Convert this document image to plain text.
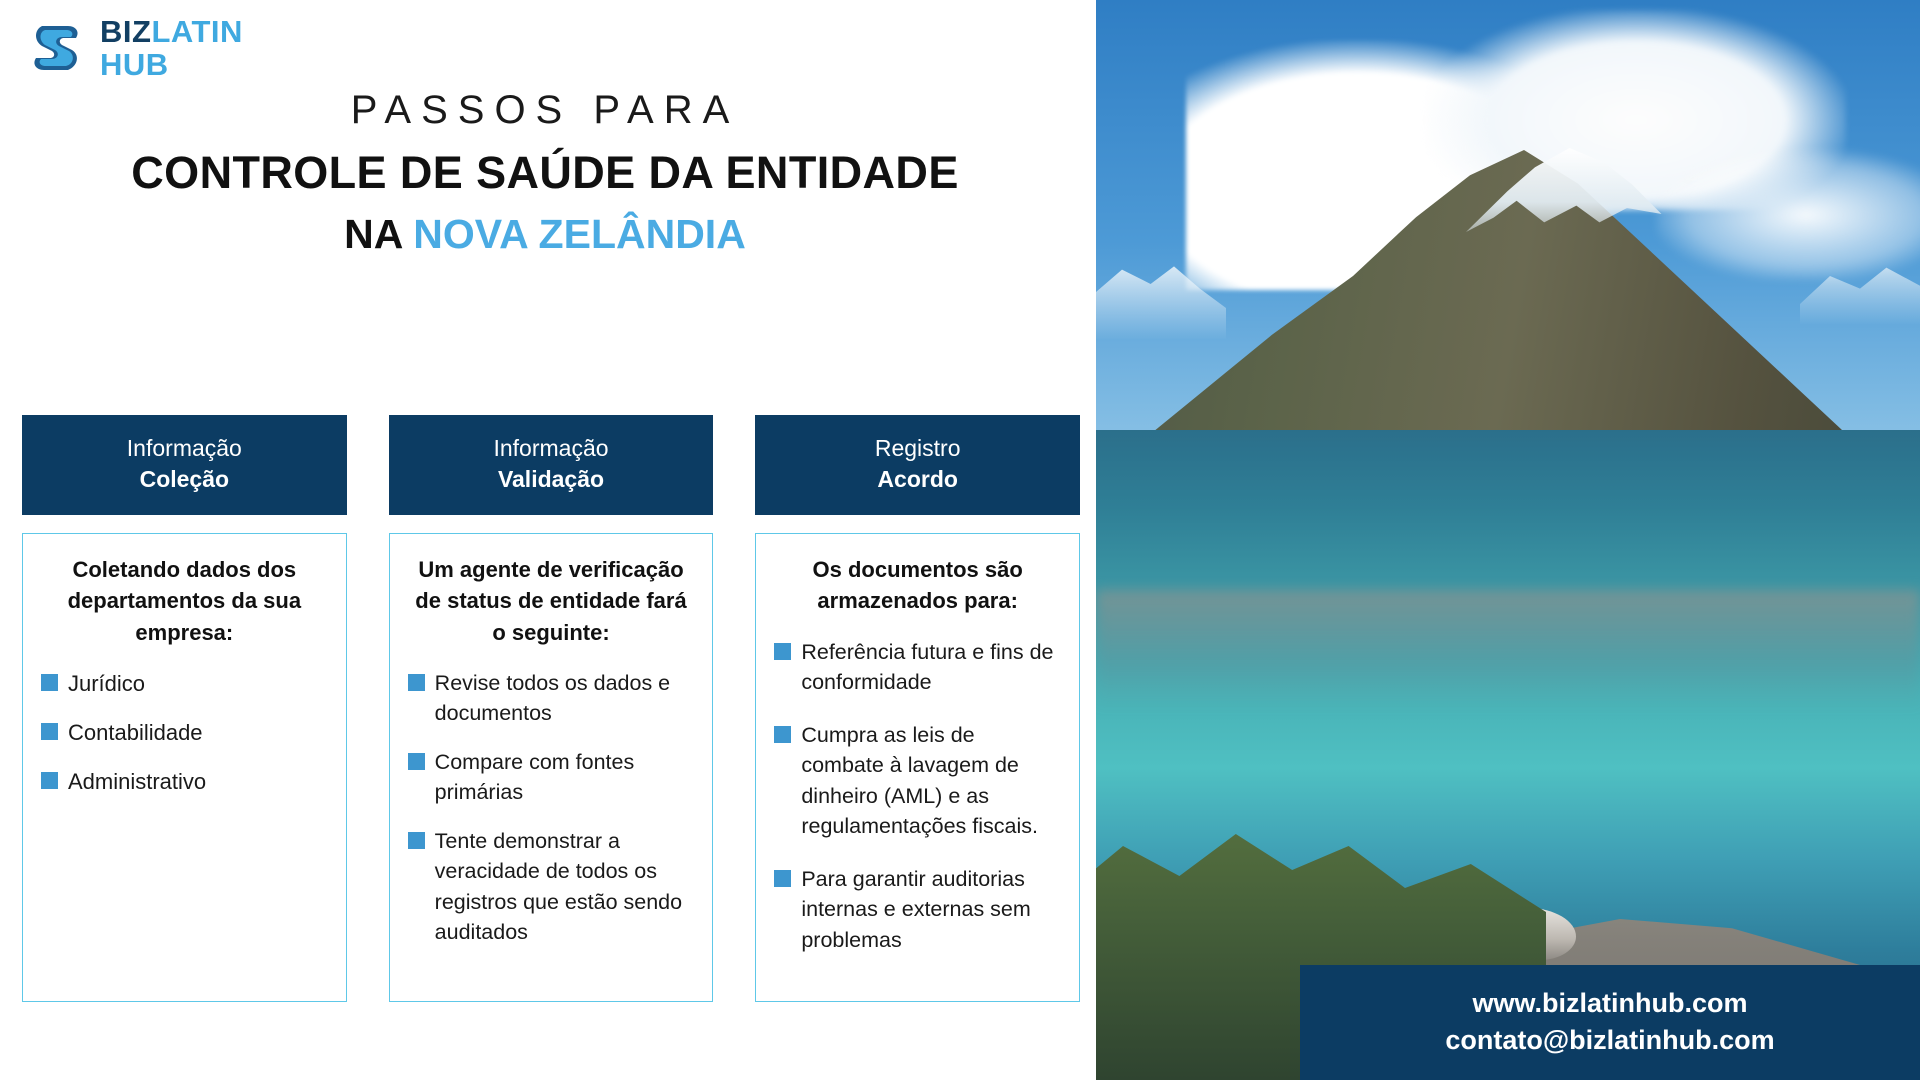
BIZLATIN
HUB
PASSOS PARA
CONTROLE DE SAÚDE DA ENTIDADE
NA NOVA ZELÂNDIA
Informação
Coleção
Coletando dados dos departamentos da sua empresa:
Jurídico
Contabilidade
Administrativo
Informação
Validação
Um agente de verificação de status de entidade fará o seguinte:
Revise todos os dados e documentos
Compare com fontes primárias
Tente demonstrar a veracidade de todos os registros que estão sendo auditados
Registro
Acordo
Os documentos são armazenados para:
Referência futura e fins de conformidade
Cumpra as leis de combate à lavagem de dinheiro (AML) e as regulamentações fiscais.
Para garantir auditorias internas e externas sem problemas
www.bizlatinhub.com
contato@bizlatinhub.com
